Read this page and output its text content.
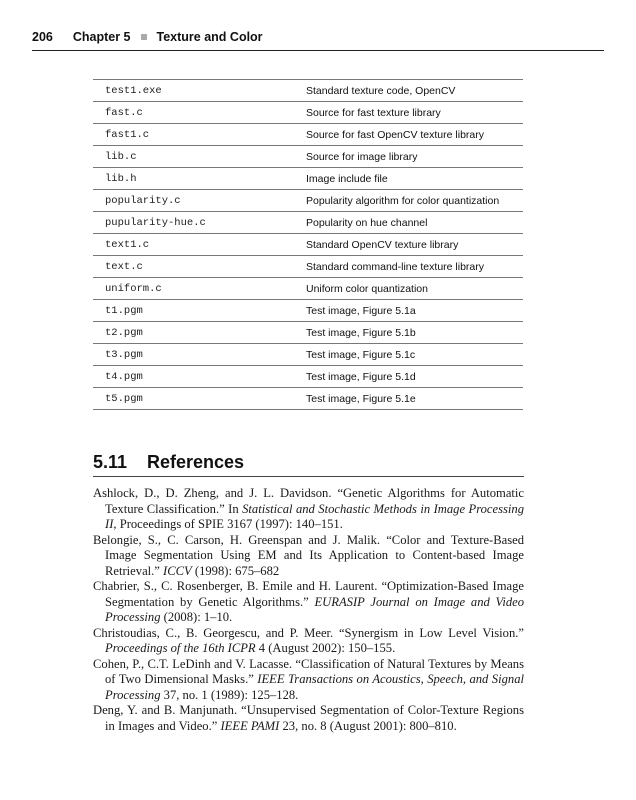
206 Chapter 5 Texture and Color
test1.exe	Standard texture code, OpenCV
fast.c	Source for fast texture library
fast1.c	Source for fast OpenCV texture library
lib.c	Source for image library
lib.h	Image include file
popularity.c	Popularity algorithm for color quantization
pupularity-hue.c	Popularity on hue channel
text1.c	Standard OpenCV texture library
text.c	Standard command-line texture library
uniform.c	Uniform color quantization
t1.pgm	Test image, Figure 5.1a
t2.pgm	Test image, Figure 5.1b
t3.pgm	Test image, Figure 5.1c
t4.pgm	Test image, Figure 5.1d
t5.pgm	Test image, Figure 5.1e
5.11 References
Ashlock, D., D. Zheng, and J. L. Davidson. “Genetic Algorithms for Automatic Texture Classification.” In Statistical and Stochastic Methods in Image Processing II, Proceedings of SPIE 3167 (1997): 140–151.
Belongie, S., C. Carson, H. Greenspan and J. Malik. “Color and Texture-Based Image Segmentation Using EM and Its Application to Content-based Image Retrieval.” ICCV (1998): 675–682
Chabrier, S., C. Rosenberger, B. Emile and H. Laurent. “Optimization-Based Image Segmentation by Genetic Algorithms.” EURASIP Journal on Image and Video Processing (2008): 1–10.
Christoudias, C., B. Georgescu, and P. Meer. “Synergism in Low Level Vision.” Proceedings of the 16th ICPR 4 (August 2002): 150–155.
Cohen, P., C.T. LeDinh and V. Lacasse. “Classification of Natural Textures by Means of Two Dimensional Masks.” IEEE Transactions on Acoustics, Speech, and Signal Processing 37, no. 1 (1989): 125–128.
Deng, Y. and B. Manjunath. “Unsupervised Segmentation of Color-Texture Regions in Images and Video.” IEEE PAMI 23, no. 8 (August 2001): 800–810.
